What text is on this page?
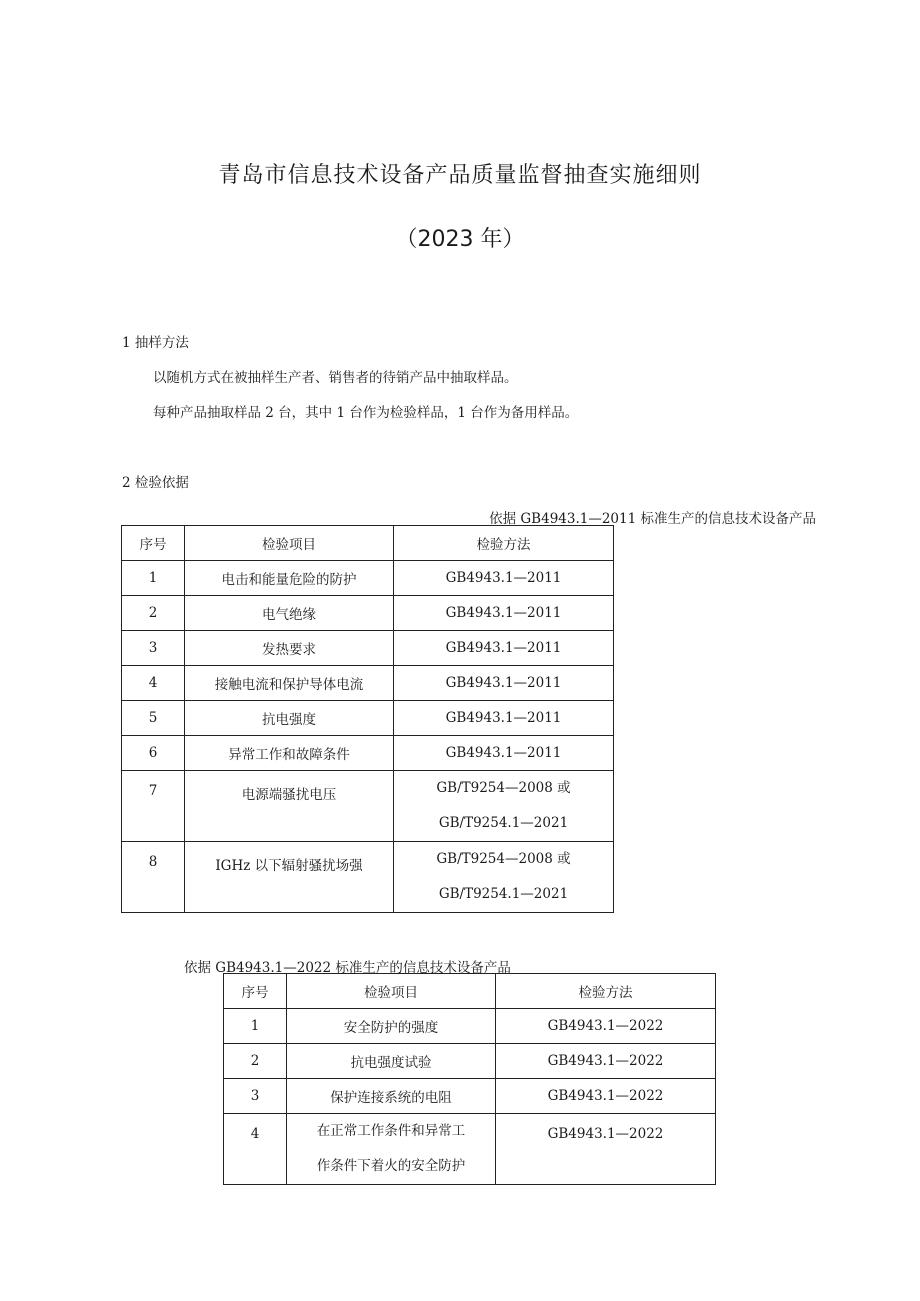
青岛市信息技术设备产品质量监督抽查实施细则
（2023 年）
1 抽样方法
以随机方式在被抽样生产者、销售者的待销产品中抽取样品。
每种产品抽取样品 2 台，其中 1 台作为检验样品，1 台作为备用样品。
2 检验依据
依据 GB4943.1—2011 标准生产的信息技术设备产品
序号	检验项目	检验方法
1	电击和能量危险的防护	GB4943.1—2011
2	电气绝缘	GB4943.1—2011
3	发热要求	GB4943.1—2011
4	接触电流和保护导体电流	GB4943.1—2011
5	抗电强度	GB4943.1—2011
6	异常工作和故障条件	GB4943.1—2011
7	电源端骚扰电压	GB/T9254—2008 或
GB/T9254.1—2021

8	IGHz 以下辐射骚扰场强	GB/T9254—2008 或
GB/T9254.1—2021
依据 GB4943.1—2022 标准生产的信息技术设备产品
序号	检验项目	检验方法
1	安全防护的强度	GB4943.1—2022
2	抗电强度试验	GB4943.1—2022
3	保护连接系统的电阻	GB4943.1—2022
4	在正常工作条件和异常工
作条件下着火的安全防护	GB4943.1—2022
